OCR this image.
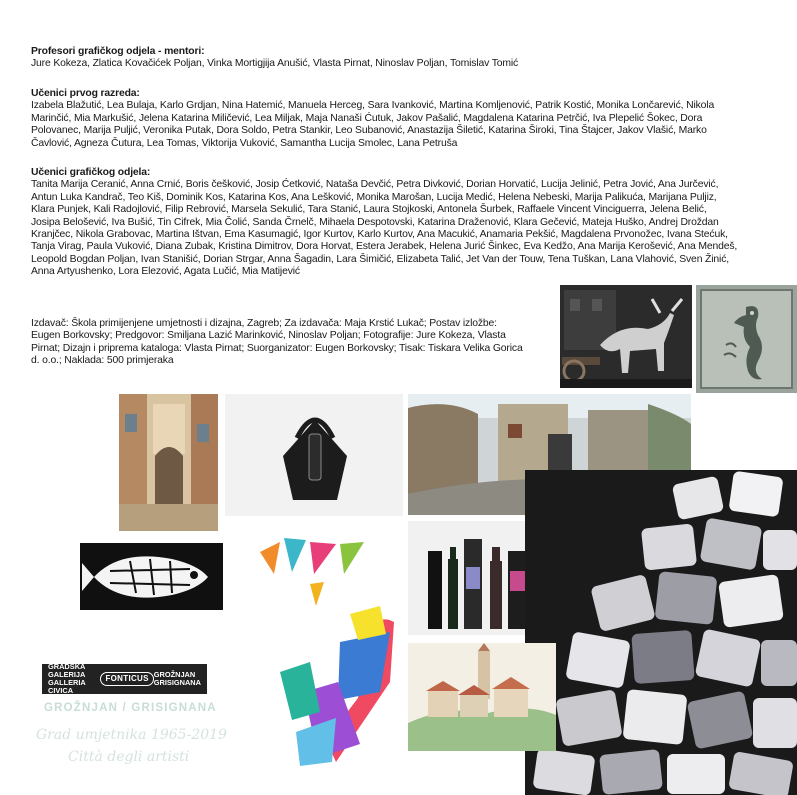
Profesori grafičkog odjela - mentori:

Jure Kokeza, Zlatica Kovačićek Poljan, Vinka Mortigjija Anušić, Vlasta Pirnat, Ninoslav Poljan, Tomislav Tomić

Učenici prvog razreda:

Izabela Blažutić, Lea Bulaja, Karlo Grdjan, Nina Hatemić, Manuela Herceg, Sara Ivanković, Martina Komljenović, Patrik Kostić, Monika Lončarević, Nikola

Marinčić, Mia Markušić, Jelena Katarina Miličević, Lea Miljak, Maja Nanaši Ćutuk, Jakov Pašalić, Magdalena Katarina Petrčić, Iva Plepelić Šokec, Dora

Polovanec, Marija Puljić, Veronika Putak, Dora Soldo, Petra Stankir, Leo Subanović, Anastazija Šiletić, Katarina Široki, Tina Štajcer, Jakov Vlašić, Marko

Čavlović, Agneza Čutura, Lea Tomas, Viktorija Vuković, Samantha Lucija Smolec, Lana Petruša

Učenici grafičkog odjela:

Tanita Marija Ceranić, Anna Crnić, Boris češković, Josip Ćetković, Nataša Devčić, Petra Divković, Dorian Horvatić, Lucija Jelinić, Petra Jović, Ana Jurčević,

Antun Luka Kandrač, Teo Kiš, Dominik Kos, Katarina Kos, Ana Lešković, Monika Marošan, Lucija Medić, Helena Nebeski, Marija Palikuća, Marijana Puljiz,

Klara Punjek, Kali Radojlović, Filip Rebrović, Marsela Sekulić, Tara Stanić, Laura Stojkoski, Antonela Šurbek, Raffaele Vincent Vinciguerra, Jelena Belić,

Josipa Belošević, Iva Bušić, Tin Cifrek, Mia Čolić, Sanda Črnelč, Mihaela Despotovski, Katarina Draženović, Klara Gečević, Mateja Huško, Andrej Droždan

Kranjčec, Nikola Grabovac, Martina Ištvan, Ema Kasumagić, Igor Kurtov, Karlo Kurtov, Ana Macukić, Anamaria Pekšić, Magdalena Prvonožec, Ivana Stećuk,

Tanja Virag, Paula Vuković, Diana Zubak, Kristina Dimitrov, Dora Horvat, Estera Jerabek, Helena Jurić Šinkec, Eva Kedžo, Ana Marija Kerošević, Ana Mendeš,

Leopold Bogdan Poljan, Ivan Stanišić, Dorian Strgar, Anna Šagadin, Lara Šimičić, Elizabeta Talić, Jet Van der Touw, Tena Tuškan, Lana Vlahović, Sven Žinić,

Anna Artyushenko, Lora Elezović, Agata Lučić, Mia Matijević

Izdavač: Škola primijenjene umjetnosti i dizajna, Zagreb; Za izdavača: Maja Krstić Lukač; Postav izložbe:

Eugen Borkovsky; Predgovor: Smiljana Lazić Marinković, Ninoslav Poljan; Fotografije: Jure Kokeza, Vlasta

Pirnat; Dizajn i priprema kataloga: Vlasta Pirnat; Suorganizator: Eugen Borkovsky; Tisak: Tiskara Velika Gorica

d. o.o.; Naklada: 500 primjeraka

GRADSKA GALERIJA
GALLERIA CIVICA
FONTICUS GROŽNJAN
GRISIGNANA
GROŽNJAN / GRISIGNANA

Grad umjetnika 1965-2019

Città degli artisti
